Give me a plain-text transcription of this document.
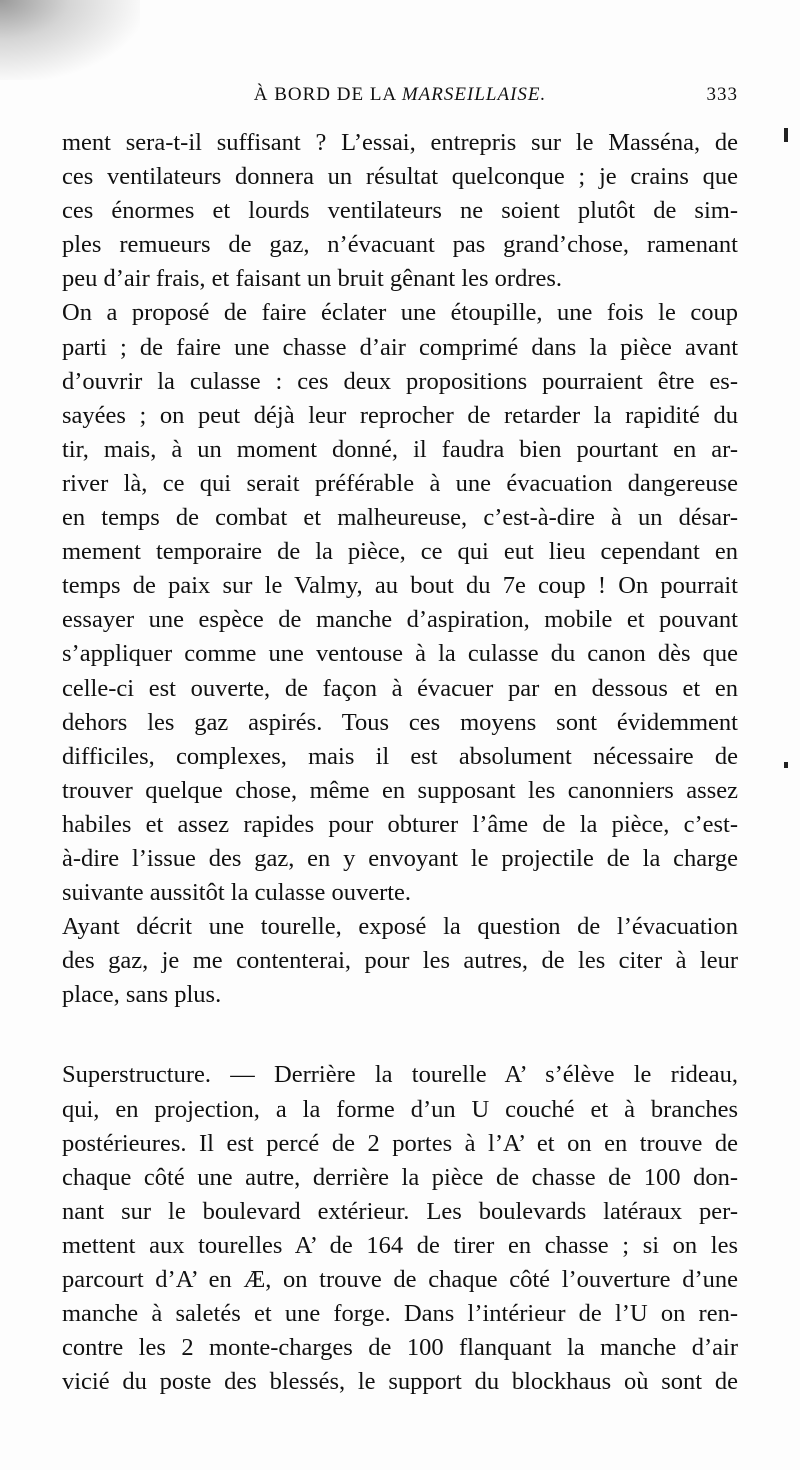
À BORD DE LA MARSEILLAISE.	333
ment sera-t-il suffisant ? L’essai, entrepris sur le Masséna, de
ces ventilateurs donnera un résultat quelconque ; je crains que
ces énormes et lourds ventilateurs ne soient plutôt de sim-
ples remueurs de gaz, n’évacuant pas grand’chose, ramenant
peu d’air frais, et faisant un bruit gênant les ordres.
On a proposé de faire éclater une étoupille, une fois le coup
parti ; de faire une chasse d’air comprimé dans la pièce avant
d’ouvrir la culasse : ces deux propositions pourraient être es-
sayées ; on peut déjà leur reprocher de retarder la rapidité du
tir, mais, à un moment donné, il faudra bien pourtant en ar-
river là, ce qui serait préférable à une évacuation dangereuse
en temps de combat et malheureuse, c’est-à-dire à un désar-
mement temporaire de la pièce, ce qui eut lieu cependant en
temps de paix sur le Valmy, au bout du 7e coup ! On pourrait
essayer une espèce de manche d’aspiration, mobile et pouvant
s’appliquer comme une ventouse à la culasse du canon dès que
celle-ci est ouverte, de façon à évacuer par en dessous et en
dehors les gaz aspirés. Tous ces moyens sont évidemment
difficiles, complexes, mais il est absolument nécessaire de
trouver quelque chose, même en supposant les canonniers assez
habiles et assez rapides pour obturer l’âme de la pièce, c’est-
à-dire l’issue des gaz, en y envoyant le projectile de la charge
suivante aussitôt la culasse ouverte.
Ayant décrit une tourelle, exposé la question de l’évacuation
des gaz, je me contenterai, pour les autres, de les citer à leur
place, sans plus.
Superstructure. — Derrière la tourelle A’ s’élève le rideau,
qui, en projection, a la forme d’un U couché et à branches
postérieures. Il est percé de 2 portes à l’A’ et on en trouve de
chaque côté une autre, derrière la pièce de chasse de 100 don-
nant sur le boulevard extérieur. Les boulevards latéraux per-
mettent aux tourelles A’ de 164 de tirer en chasse ; si on les
parcourt d’A’ en Æ, on trouve de chaque côté l’ouverture d’une
manche à saletés et une forge. Dans l’intérieur de l’U on ren-
contre les 2 monte-charges de 100 flanquant la manche d’air
vicié du poste des blessés, le support du blockhaus où sont de
